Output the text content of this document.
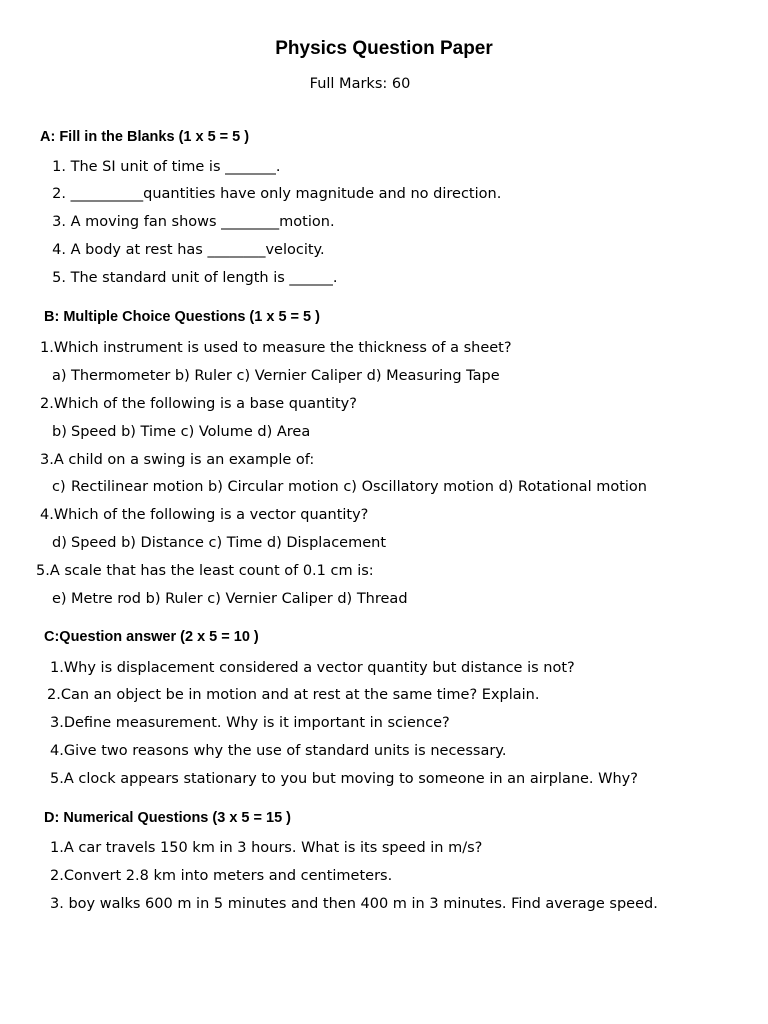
Physics Question Paper
Full Marks: 60
A: Fill in the Blanks (1 x 5 = 5 )
1. The SI unit of time is _______.
2. __________quantities have only magnitude and no direction.
3. A moving fan shows ________motion.
4. A body at rest has ________velocity.
5. The standard unit of length is ______.
B: Multiple Choice Questions (1 x 5 = 5 )
1.Which instrument is used to measure the thickness of a sheet?
a) Thermometer b) Ruler c) Vernier Caliper d) Measuring Tape
2.Which of the following is a base quantity?
b) Speed b) Time c) Volume d) Area
3.A child on a swing is an example of:
c) Rectilinear motion b) Circular motion c) Oscillatory motion d) Rotational motion
4.Which of the following is a vector quantity?
d) Speed b) Distance c) Time d) Displacement
5.A scale that has the least count of 0.1 cm is:
e) Metre rod b) Ruler c) Vernier Caliper d) Thread
C:Question answer (2 x 5 = 10 )
1.Why is displacement considered a vector quantity but distance is not?
2.Can an object be in motion and at rest at the same time? Explain.
3.Define measurement. Why is it important in science?
4.Give two reasons why the use of standard units is necessary.
5.A clock appears stationary to you but moving to someone in an airplane. Why?
D: Numerical Questions (3 x 5 = 15 )
1.A car travels 150 km in 3 hours. What is its speed in m/s?
2.Convert 2.8 km into meters and centimeters.
3. boy walks 600 m in 5 minutes and then 400 m in 3 minutes. Find average speed.
